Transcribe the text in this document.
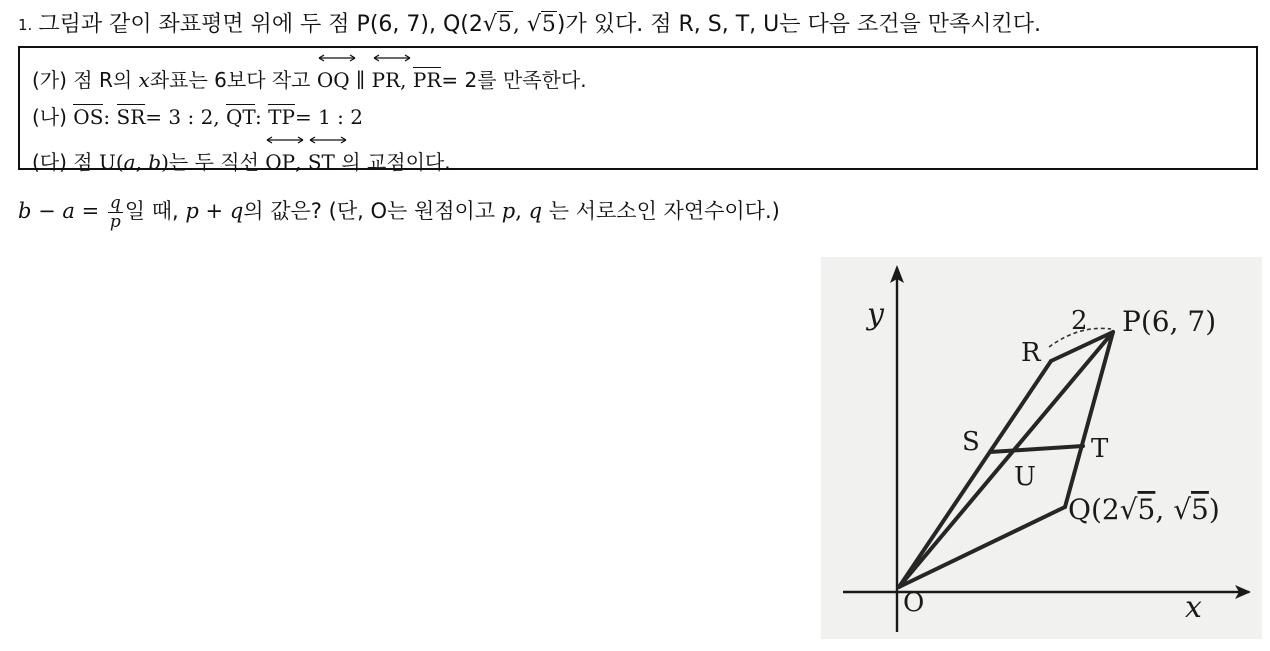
$^{1.}$ 그림과 같이 좌표평면 위에 두 점 P(6, 7), Q(2√5, √5)가 있다. 점 R, S, T, U는 다음 조건을 만족시킨다.
(가) 점 R의 x좌표는 6보다 작고 OQ ∥ PR, PR= 2를 만족한다.
(나) OS: SR= 3 : 2, QT: TP= 1 : 2
(다) 점 U(a, b)는 두 직선 OP, ST 의 교점이다.
$b - a = \frac{q}{p}$ 일 때, p + q의 값은? (단, O는 원점이고 p, q 는 서로소인 자연수이다.)
y
x
O
P(6, 7)
R
2
S	T
U
Q(2√5, √5)
